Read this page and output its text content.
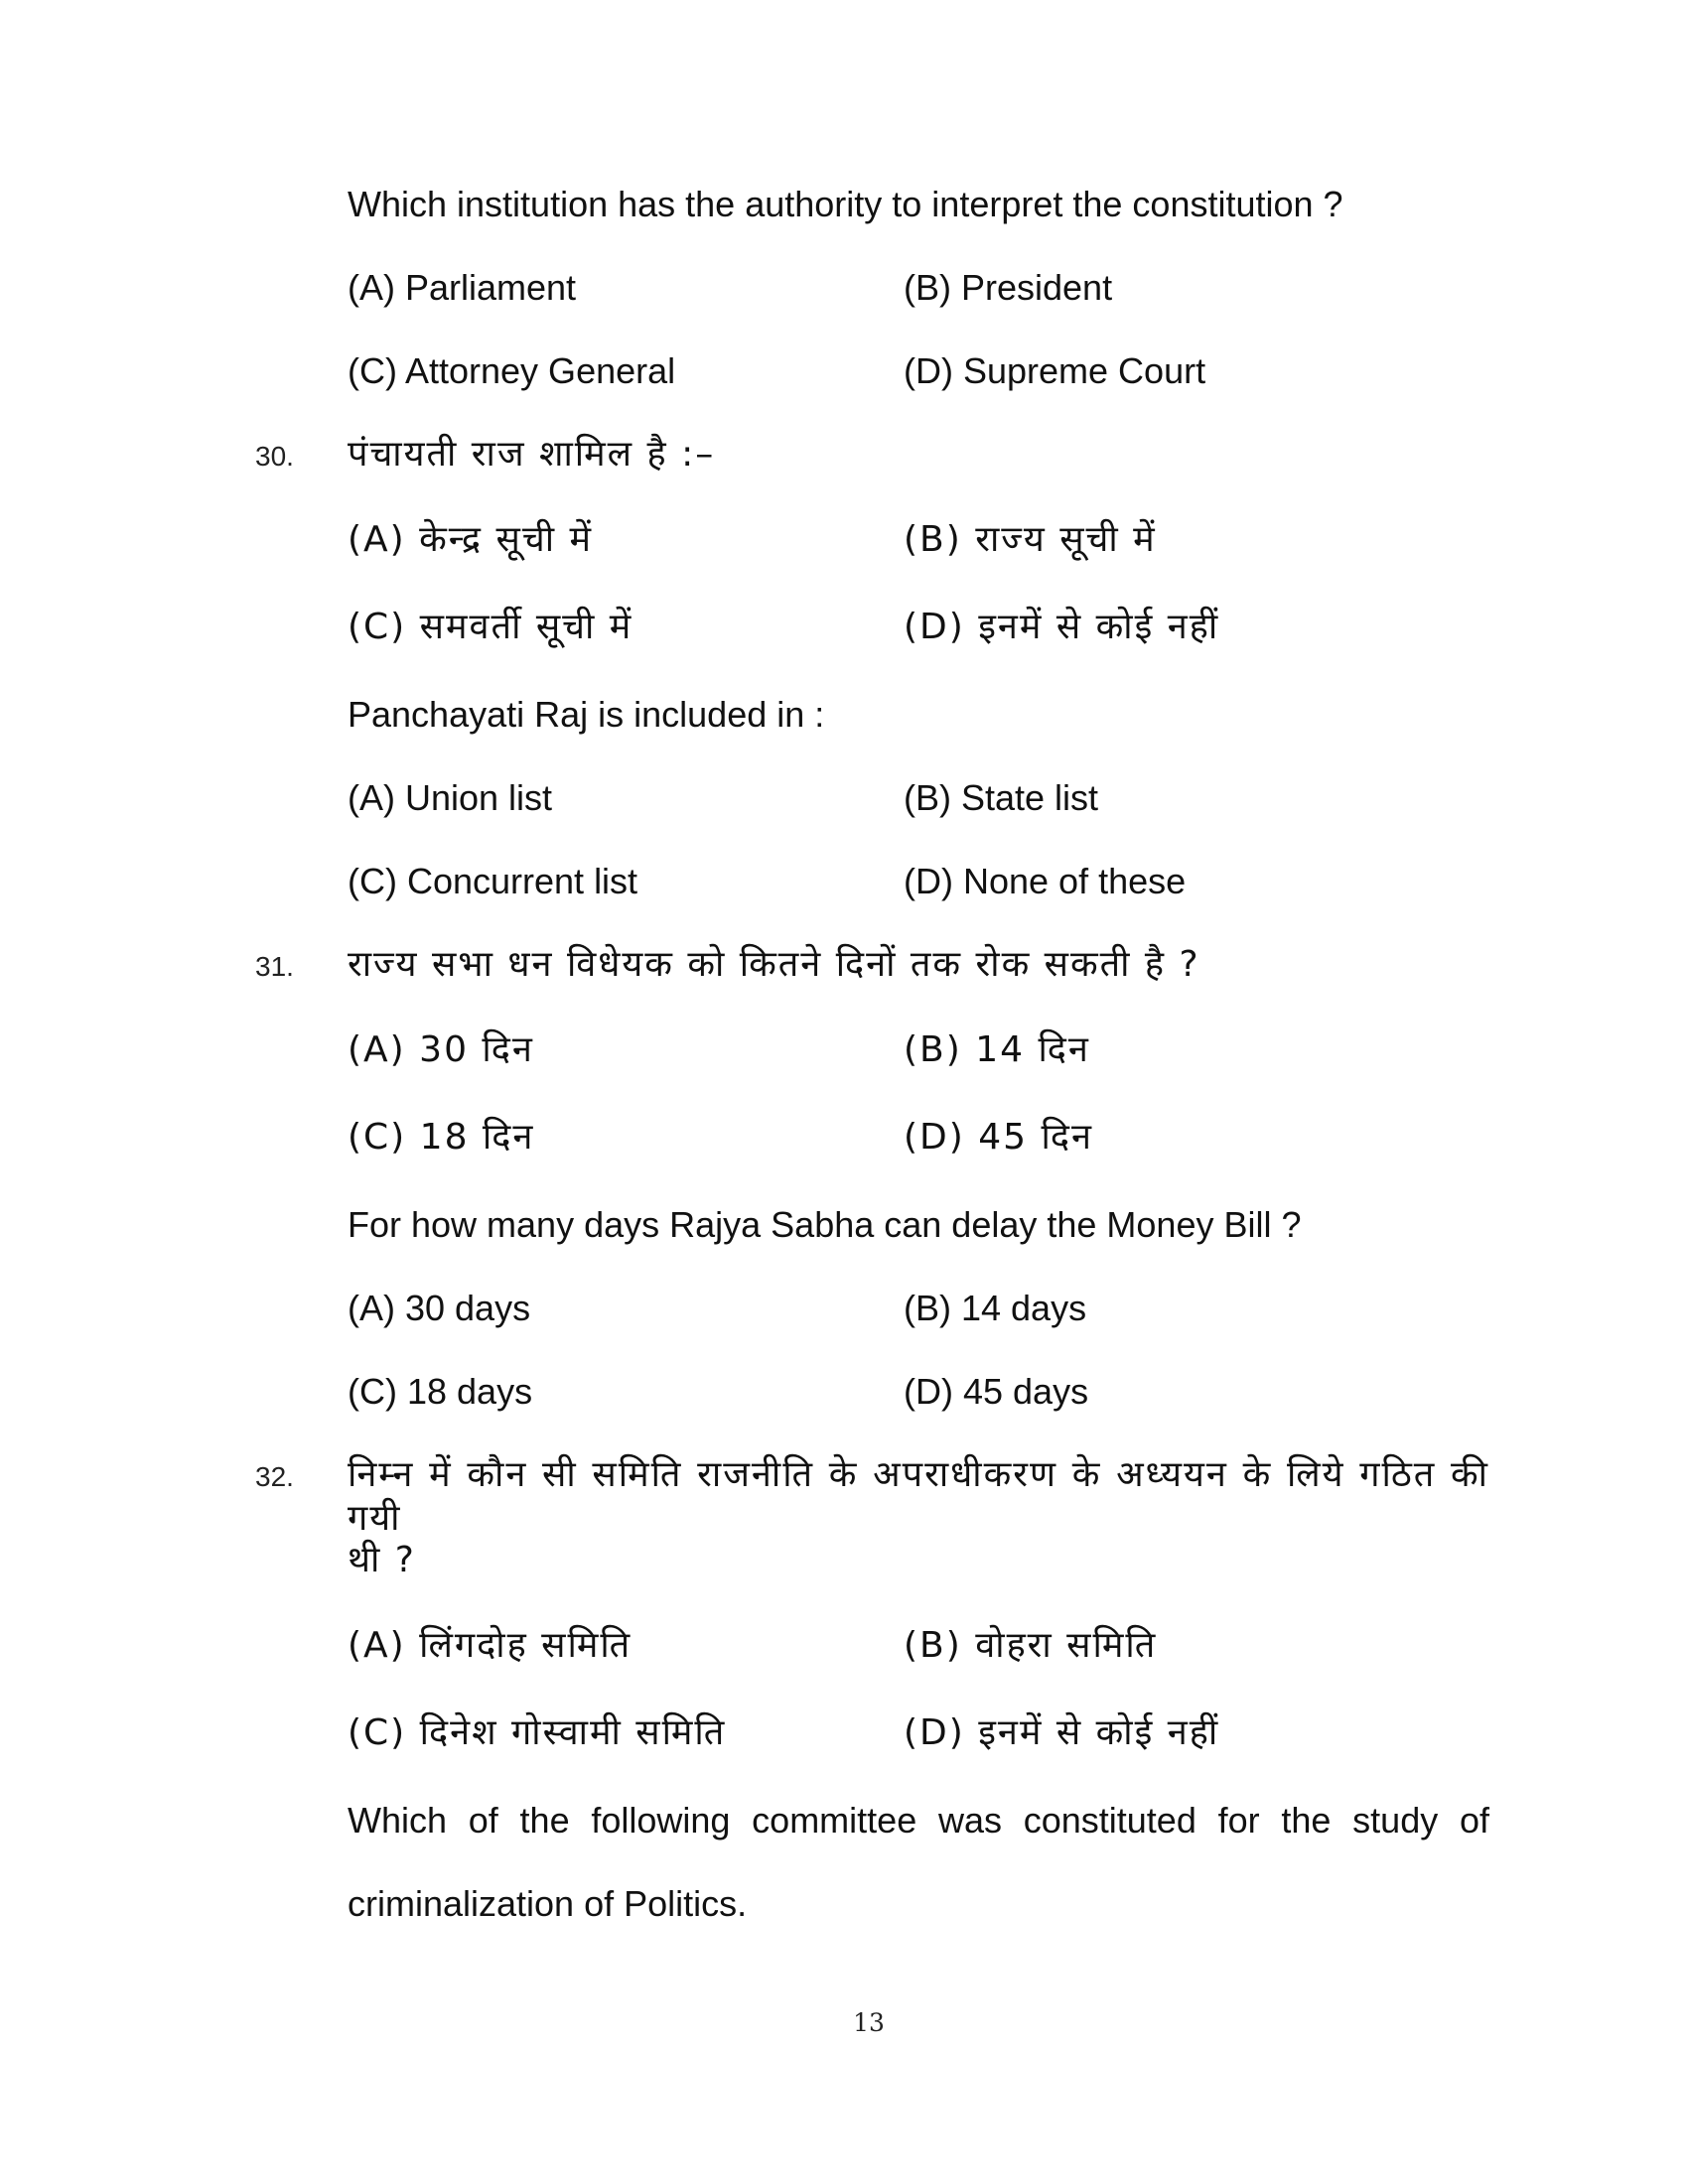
Which institution has the authority to interpret the constitution ?
(A) Parliament	(B) President
(C) Attorney General	(D) Supreme Court
30. पंचायती राज शामिल है :–
(A) केन्द्र सूची में	(B) राज्य सूची में
(C) समवर्ती सूची में	(D) इनमें से कोई नहीं
Panchayati Raj is included in :
(A) Union list	(B) State list
(C) Concurrent list	(D) None of these
31. राज्य सभा धन विधेयक को कितने दिनों तक रोक सकती है ?
(A) 30 दिन	(B) 14 दिन
(C) 18 दिन	(D) 45 दिन
For how many days Rajya Sabha can delay the Money Bill ?
(A) 30 days	(B) 14 days
(C) 18 days	(D) 45 days
32. निम्न में कौन सी समिति राजनीति के अपराधीकरण के अध्ययन के लिये गठित की गयी
थी ?
(A) लिंगदोह समिति	(B) वोहरा समिति
(C) दिनेश गोस्वामी समिति	(D) इनमें से कोई नहीं
Which of the following committee was constituted for the study of
criminalization of Politics.
13
